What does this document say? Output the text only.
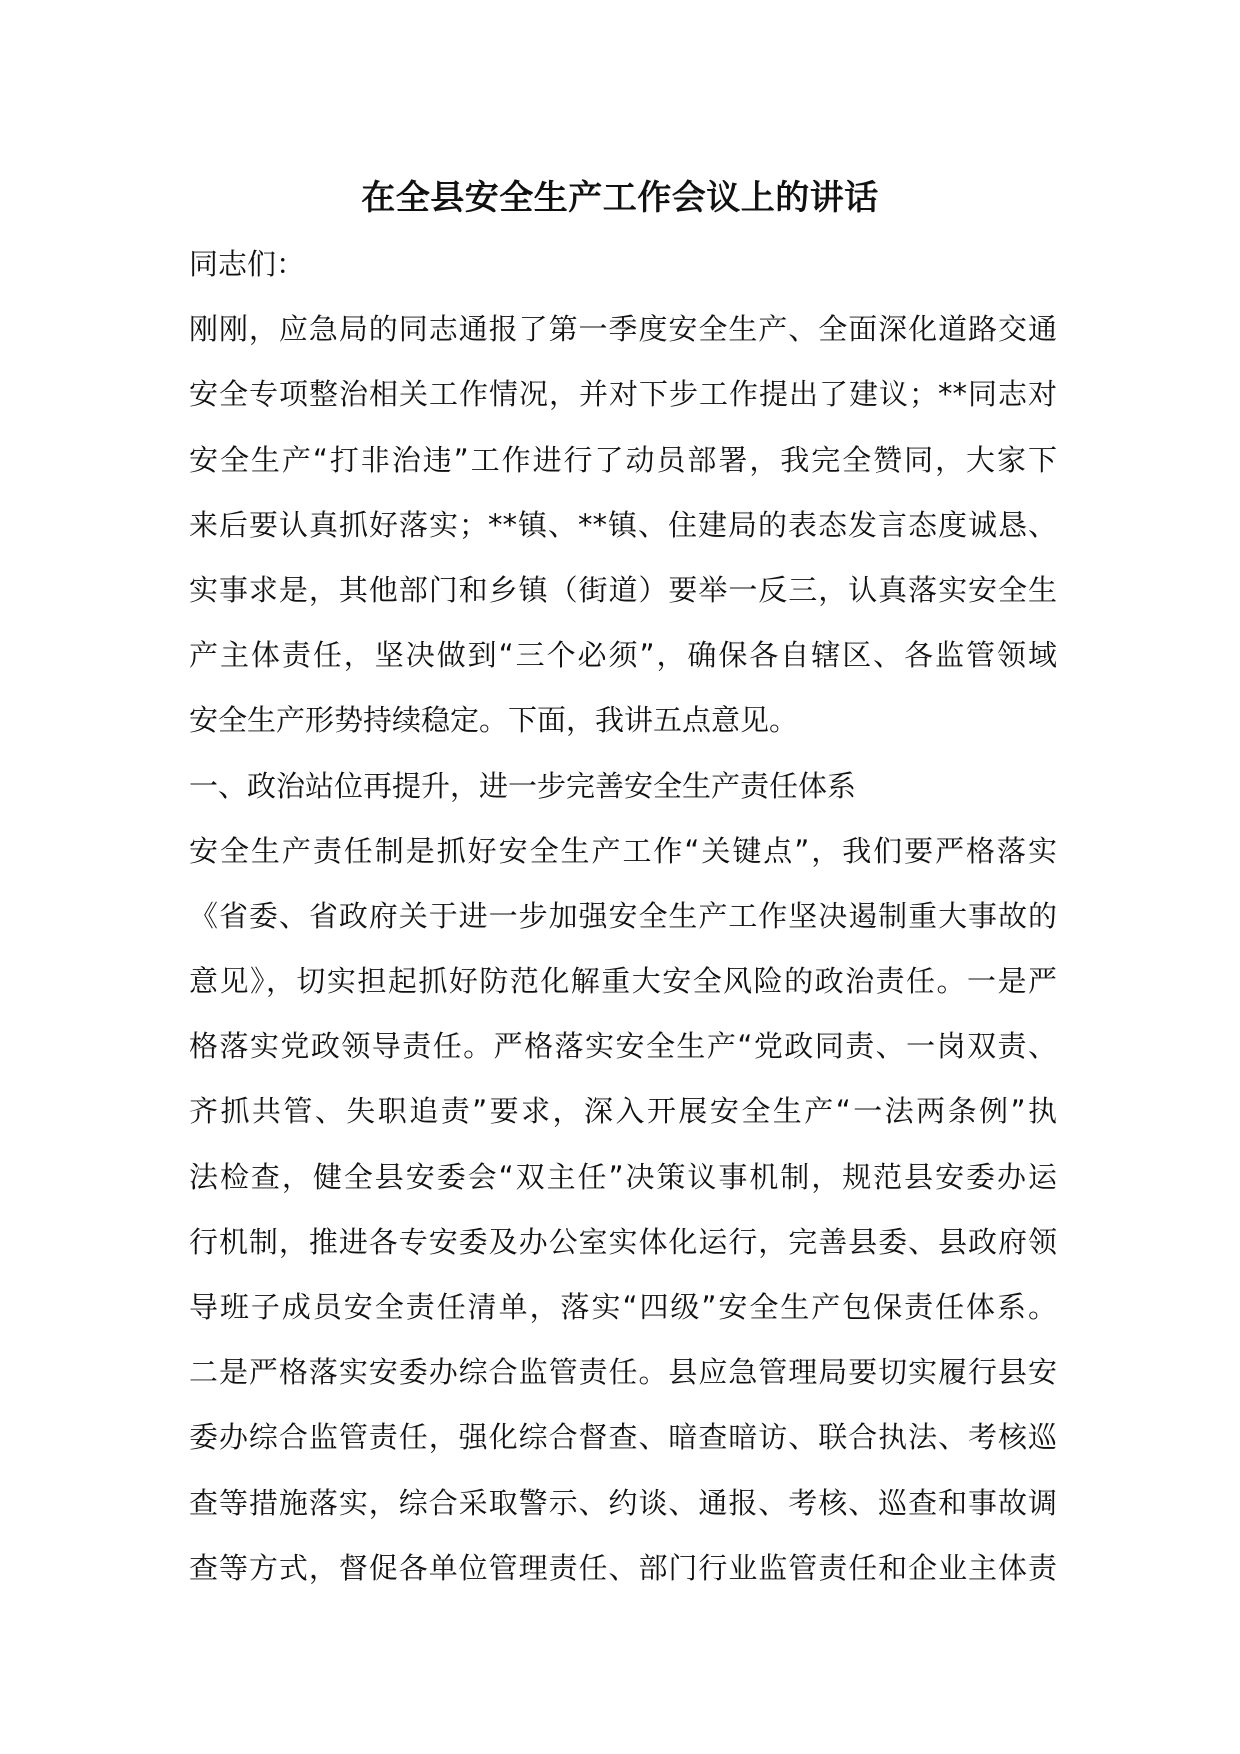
在全县安全生产工作会议上的讲话
同志们：
刚刚，应急局的同志通报了第一季度安全生产、全面深化道路交通
安全专项整治相关工作情况，并对下步工作提出了建议；**同志对
安全生产“打非治违”工作进行了动员部署，我完全赞同，大家下
来后要认真抓好落实；**镇、**镇、住建局的表态发言态度诚恳、
实事求是，其他部门和乡镇（街道）要举一反三，认真落实安全生
产主体责任，坚决做到“三个必须”，确保各自辖区、各监管领域
安全生产形势持续稳定。下面，我讲五点意见。
一、政治站位再提升，进一步完善安全生产责任体系
安全生产责任制是抓好安全生产工作“关键点”，我们要严格落实
《省委、省政府关于进一步加强安全生产工作坚决遏制重大事故的
意见》，切实担起抓好防范化解重大安全风险的政治责任。一是严
格落实党政领导责任。严格落实安全生产“党政同责、一岗双责、
齐抓共管、失职追责”要求，深入开展安全生产“一法两条例”执
法检查，健全县安委会“双主任”决策议事机制，规范县安委办运
行机制，推进各专安委及办公室实体化运行，完善县委、县政府领
导班子成员安全责任清单，落实“四级”安全生产包保责任体系。
二是严格落实安委办综合监管责任。县应急管理局要切实履行县安
委办综合监管责任，强化综合督查、暗查暗访、联合执法、考核巡
查等措施落实，综合采取警示、约谈、通报、考核、巡查和事故调
查等方式，督促各单位管理责任、部门行业监管责任和企业主体责
